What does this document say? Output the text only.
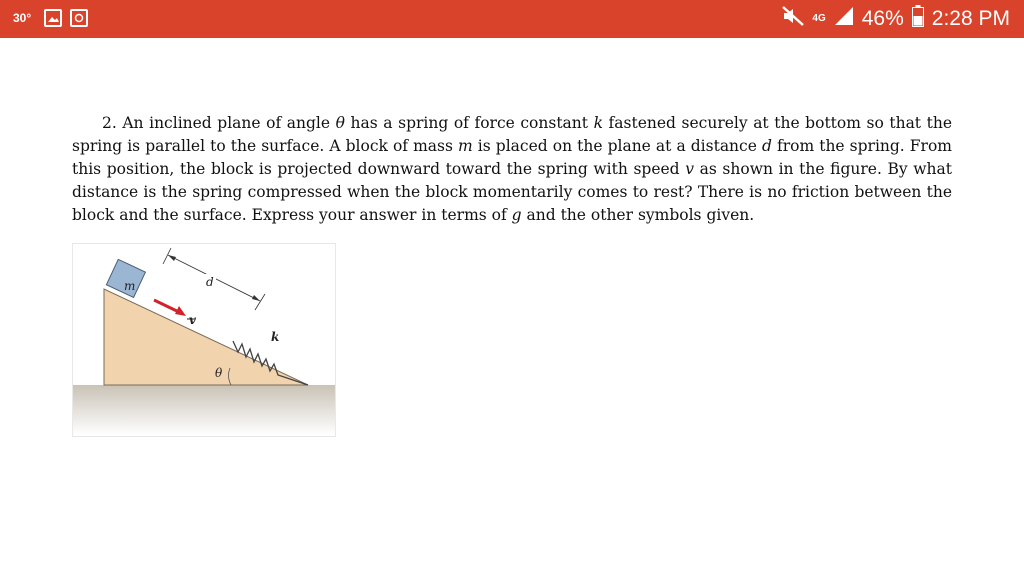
30°	4G 46% 2:28 PM
2. An inclined plane of angle θ has a spring of force constant k fastened securely at the bottom so that the spring is parallel to the surface. A block of mass m is placed on the plane at a distance d from the spring. From this position, the block is projected downward toward the spring with speed v as shown in the figure. By what distance is the spring compressed when the block momentarily comes to rest? There is no friction between the block and the surface. Express your answer in terms of g and the other symbols given.
m
v
d
k
θ
